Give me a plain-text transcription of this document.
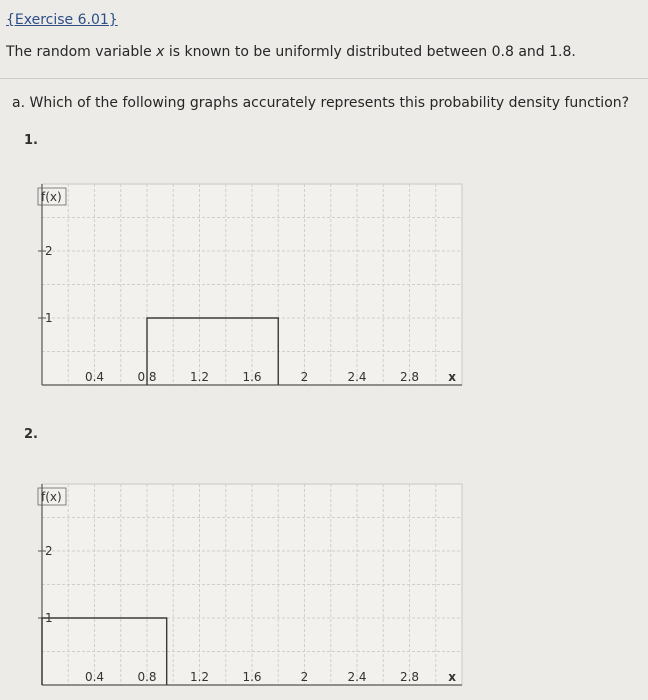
{Exercise 6.01}
The random variable x is known to be uniformly distributed between 0.8 and 1.8.
a. Which of the following graphs accurately represents this probability density function?
1.
f(x)
2
1
0.4	0.8	1.2	1.6	2	2.4	2.8 x
2.
f(x)
2
1
0.4	0.8	1.2	1.6	2	2.4	2.8 x
